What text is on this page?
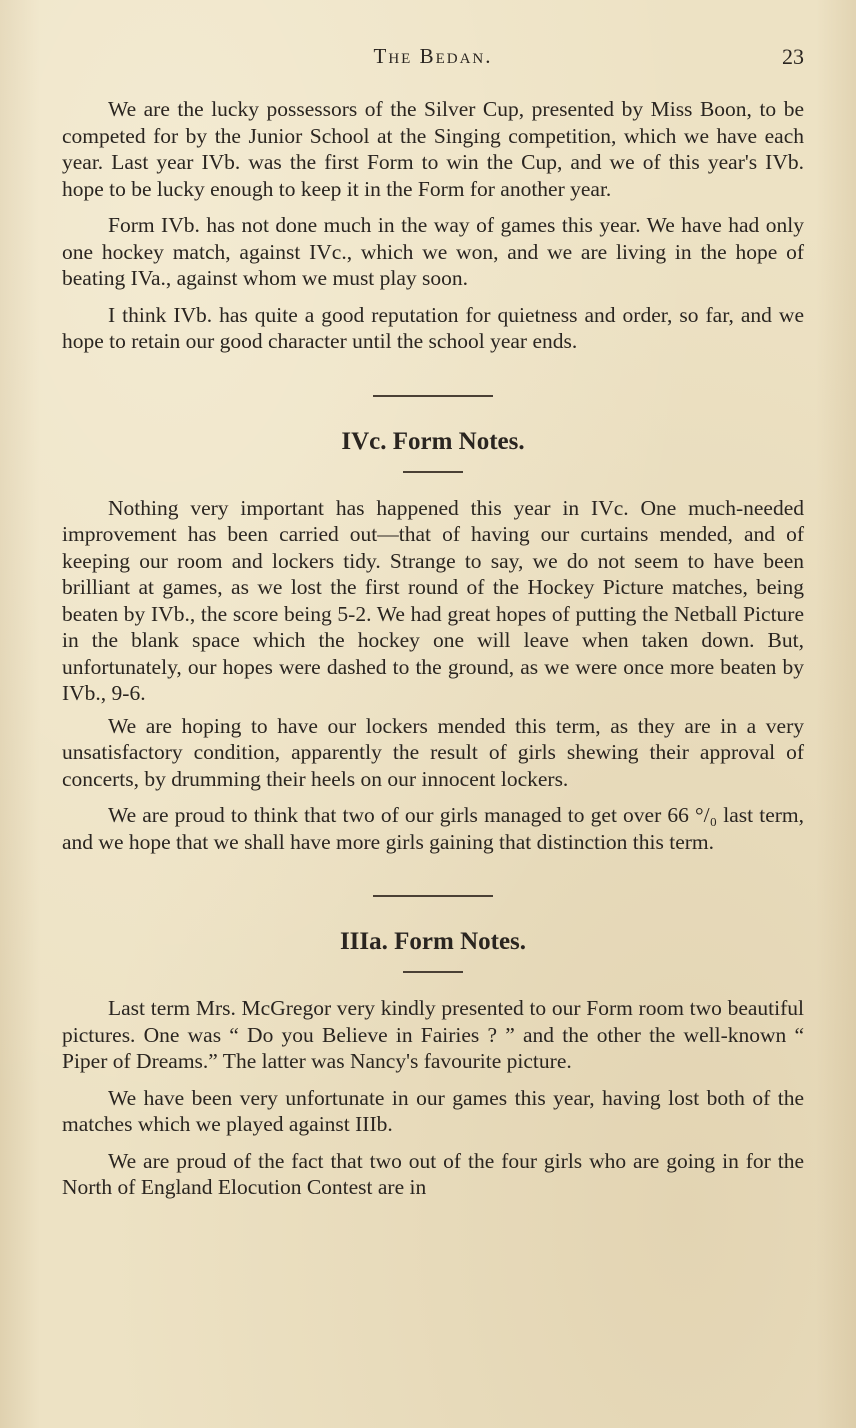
The Bedan.	23

We are the lucky possessors of the Silver Cup, presented by Miss Boon, to be competed for by the Junior School at the Singing competition, which we have each year. Last year IVb. was the first Form to win the Cup, and we of this year's IVb. hope to be lucky enough to keep it in the Form for another year.

Form IVb. has not done much in the way of games this year. We have had only one hockey match, against IVc., which we won, and we are living in the hope of beating IVa., against whom we must play soon.

I think IVb. has quite a good reputation for quietness and order, so far, and we hope to retain our good character until the school year ends.

IVc. Form Notes.

Nothing very important has happened this year in IVc. One much-needed improvement has been carried out—that of having our curtains mended, and of keeping our room and lockers tidy. Strange to say, we do not seem to have been brilliant at games, as we lost the first round of the Hockey Picture matches, being beaten by IVb., the score being 5-2. We had great hopes of putting the Netball Picture in the blank space which the hockey one will leave when taken down. But, unfortunately, our hopes were dashed to the ground, as we were once more beaten by IVb., 9-6.

We are hoping to have our lockers mended this term, as they are in a very unsatisfactory condition, apparently the result of girls shewing their approval of concerts, by drumming their heels on our innocent lockers.

We are proud to think that two of our girls managed to get over 66 °/₀ last term, and we hope that we shall have more girls gaining that distinction this term.

IIIa. Form Notes.

Last term Mrs. McGregor very kindly presented to our Form room two beautiful pictures. One was “ Do you Believe in Fairies ? ” and the other the well-known “ Piper of Dreams.” The latter was Nancy's favourite picture.

We have been very unfortunate in our games this year, having lost both of the matches which we played against IIIb.

We are proud of the fact that two out of the four girls who are going in for the North of England Elocution Contest are in
